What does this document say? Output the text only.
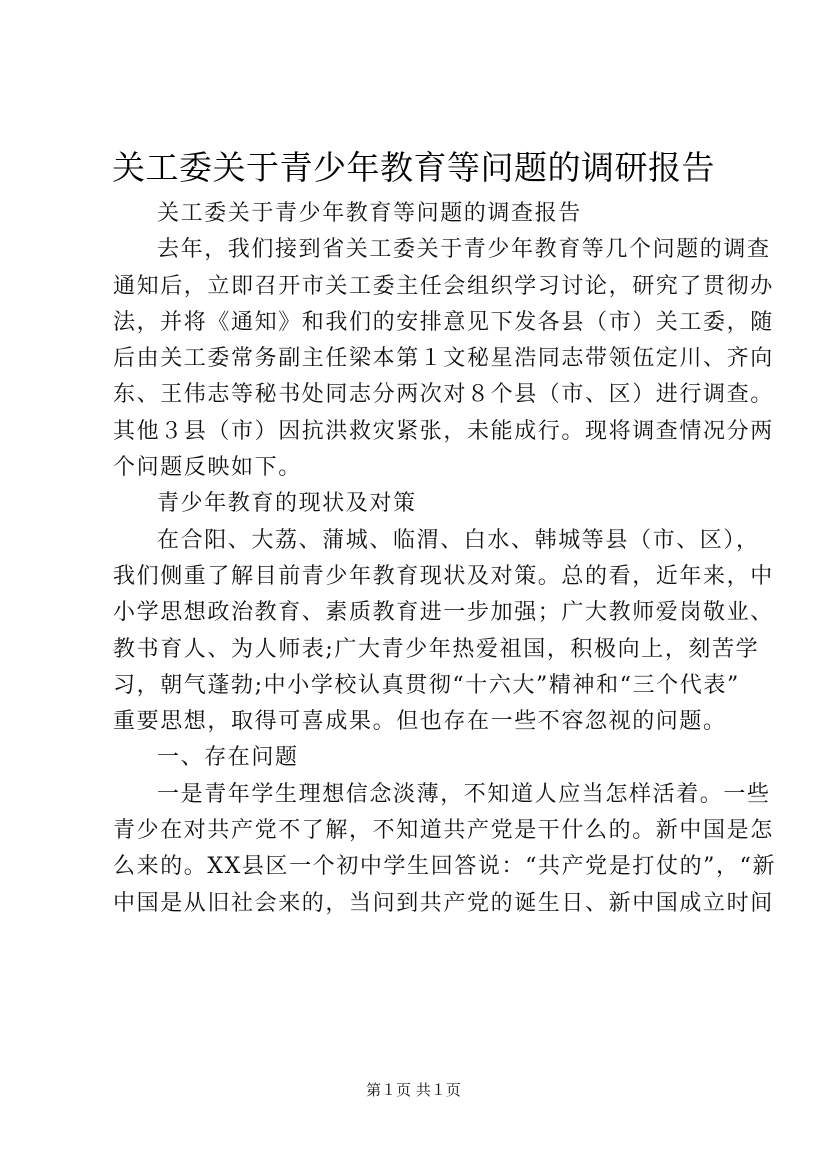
关工委关于青少年教育等问题的调研报告
关工委关于青少年教育等问题的调查报告
去年，我们接到省关工委关于青少年教育等几个问题的调查
通知后，立即召开市关工委主任会组织学习讨论，研究了贯彻办
法，并将《通知》和我们的安排意见下发各县（市）关工委，随
后由关工委常务副主任梁本第１文秘星浩同志带领伍定川、齐向
东、王伟志等秘书处同志分两次对８个县（市、区）进行调查。
其他３县（市）因抗洪救灾紧张，未能成行。现将调查情况分两
个问题反映如下。
青少年教育的现状及对策
在合阳、大荔、蒲城、临渭、白水、韩城等县（市、区），
我们侧重了解目前青少年教育现状及对策。总的看，近年来，中
小学思想政治教育、素质教育进一步加强；广大教师爱岗敬业、
教书育人、为人师表;广大青少年热爱祖国，积极向上，刻苦学
习，朝气蓬勃;中小学校认真贯彻“十六大”精神和“三个代表”
重要思想，取得可喜成果。但也存在一些不容忽视的问题。
一、存在问题
一是青年学生理想信念淡薄，不知道人应当怎样活着。一些
青少在对共产党不了解，不知道共产党是干什么的。新中国是怎
么来的。XX县区一个初中学生回答说：“共产党是打仗的”，“新
中国是从旧社会来的，当问到共产党的诞生日、新中国成立时间
第１页 共１页
